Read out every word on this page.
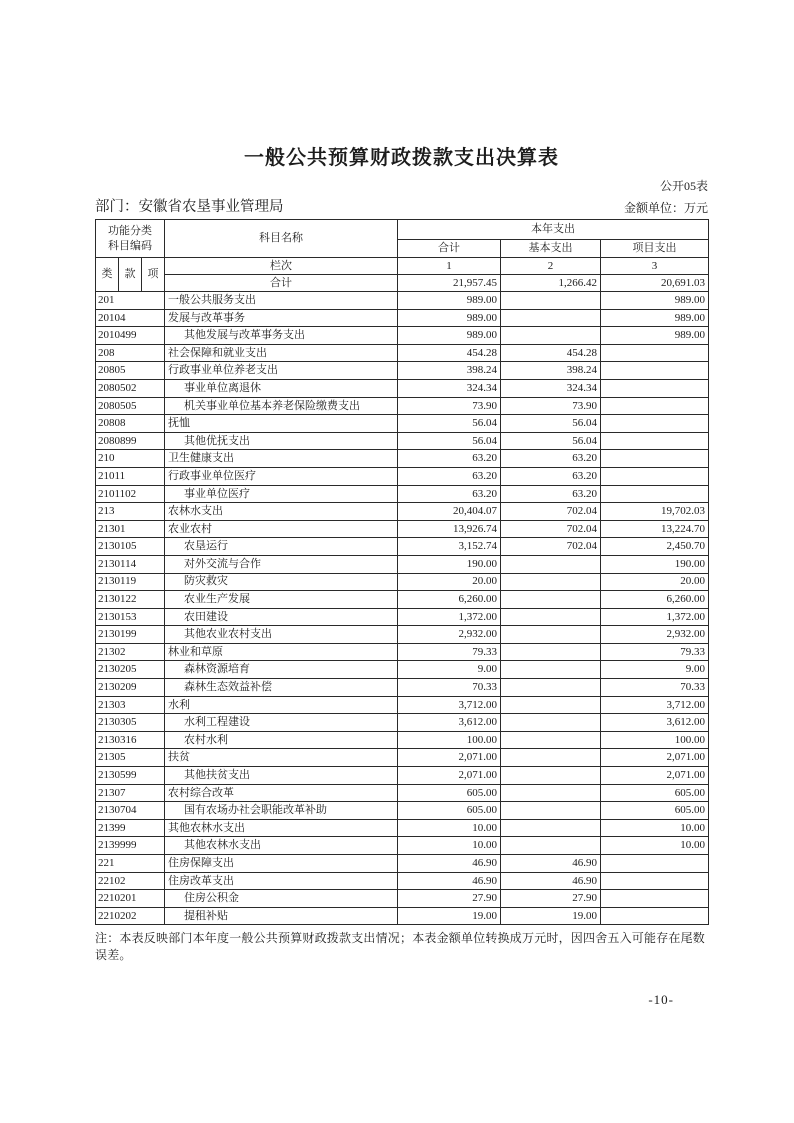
一般公共预算财政拨款支出决算表
公开05表
部门：安徽省农垦事业管理局	金额单位：万元
功能分类
科目编码			科目名称	本年支出		
				合计	基本支出	项目支出
类	款	项	栏次	1	2	3
			合计	21,957.45	1,266.42	20,691.03
201			一般公共服务支出	989.00		989.00
20104			发展与改革事务	989.00		989.00
2010499			其他发展与改革事务支出	989.00		989.00
208			社会保障和就业支出	454.28	454.28	
20805			行政事业单位养老支出	398.24	398.24	
2080502			事业单位离退休	324.34	324.34	
2080505			机关事业单位基本养老保险缴费支出	73.90	73.90	
20808			抚恤	56.04	56.04	
2080899			其他优抚支出	56.04	56.04	
210			卫生健康支出	63.20	63.20	
21011			行政事业单位医疗	63.20	63.20	
2101102			事业单位医疗	63.20	63.20	
213			农林水支出	20,404.07	702.04	19,702.03
21301			农业农村	13,926.74	702.04	13,224.70
2130105			农垦运行	3,152.74	702.04	2,450.70
2130114			对外交流与合作	190.00		190.00
2130119			防灾救灾	20.00		20.00
2130122			农业生产发展	6,260.00		6,260.00
2130153			农田建设	1,372.00		1,372.00
2130199			其他农业农村支出	2,932.00		2,932.00
21302			林业和草原	79.33		79.33
2130205			森林资源培育	9.00		9.00
2130209			森林生态效益补偿	70.33		70.33
21303			水利	3,712.00		3,712.00
2130305			水利工程建设	3,612.00		3,612.00
2130316			农村水利	100.00		100.00
21305			扶贫	2,071.00		2,071.00
2130599			其他扶贫支出	2,071.00		2,071.00
21307			农村综合改革	605.00		605.00
2130704			国有农场办社会职能改革补助	605.00		605.00
21399			其他农林水支出	10.00		10.00
2139999			其他农林水支出	10.00		10.00
221			住房保障支出	46.90	46.90	
22102			住房改革支出	46.90	46.90	
2210201			住房公积金	27.90	27.90	
2210202			提租补贴	19.00	19.00	
注：本表反映部门本年度一般公共预算财政拨款支出情况；本表金额单位转换成万元时，因四舍五入可能存在尾数误差。
-10-
